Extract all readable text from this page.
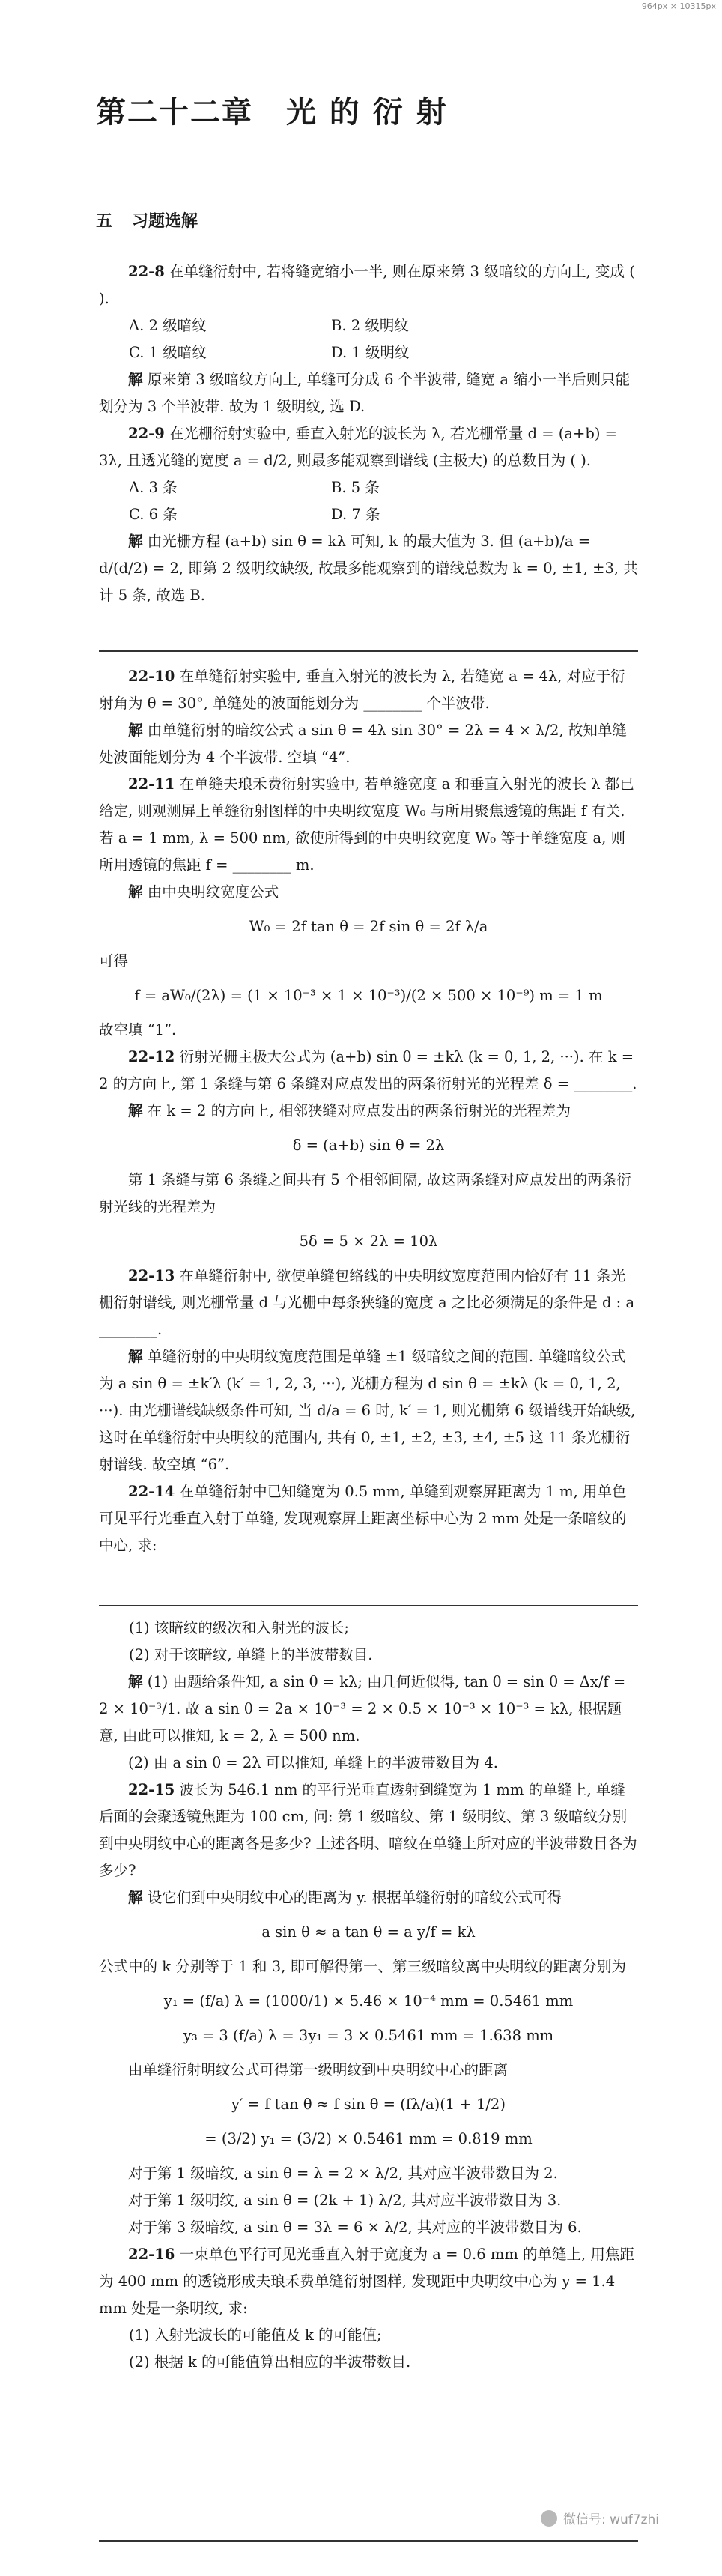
964px × 10315px
第二十二章 光 的 衍 射
五 习题选解

22-8 在单缝衍射中, 若将缝宽缩小一半, 则在原来第 3 级暗纹的方向上, 变成 ( ).

A. 2 级暗纹	B. 2 级明纹
C. 1 级暗纹	D. 1 级明纹

解 原来第 3 级暗纹方向上, 单缝可分成 6 个半波带, 缝宽 a 缩小一半后则只能划分为 3 个半波带. 故为 1 级明纹, 选 D.

22-9 在光栅衍射实验中, 垂直入射光的波长为 λ, 若光栅常量 d = (a+b) = 3λ, 且透光缝的宽度 a = d/2, 则最多能观察到谱线 (主极大) 的总数目为 ( ).

A. 3 条	B. 5 条
C. 6 条	D. 7 条

解 由光栅方程 (a+b) sin θ = kλ 可知, k 的最大值为 3. 但 (a+b)/a = d/(d/2) = 2, 即第 2 级明纹缺级, 故最多能观察到的谱线总数为 k = 0, ±1, ±3, 共计 5 条, 故选 B.

22-10 在单缝衍射实验中, 垂直入射光的波长为 λ, 若缝宽 a = 4λ, 对应于衍射角为 θ = 30°, 单缝处的波面能划分为 ________ 个半波带.

解 由单缝衍射的暗纹公式 a sin θ = 4λ sin 30° = 2λ = 4 × λ/2, 故知单缝处波面能划分为 4 个半波带. 空填 “4”.

22-11 在单缝夫琅禾费衍射实验中, 若单缝宽度 a 和垂直入射光的波长 λ 都已给定, 则观测屏上单缝衍射图样的中央明纹宽度 W₀ 与所用聚焦透镜的焦距 f 有关. 若 a = 1 mm, λ = 500 nm, 欲使所得到的中央明纹宽度 W₀ 等于单缝宽度 a, 则所用透镜的焦距 f = ________ m.

解 由中央明纹宽度公式

W₀ = 2f tan θ = 2f sin θ = 2f λ/a

可得

f = aW₀/(2λ) = (1 × 10⁻³ × 1 × 10⁻³)/(2 × 500 × 10⁻⁹) m = 1 m

故空填 “1”.

22-12 衍射光栅主极大公式为 (a+b) sin θ = ±kλ (k = 0, 1, 2, ···). 在 k = 2 的方向上, 第 1 条缝与第 6 条缝对应点发出的两条衍射光的光程差 δ = ________.

解 在 k = 2 的方向上, 相邻狭缝对应点发出的两条衍射光的光程差为

δ = (a+b) sin θ = 2λ

第 1 条缝与第 6 条缝之间共有 5 个相邻间隔, 故这两条缝对应点发出的两条衍射光线的光程差为

5δ = 5 × 2λ = 10λ

22-13 在单缝衍射中, 欲使单缝包络线的中央明纹宽度范围内恰好有 11 条光栅衍射谱线, 则光栅常量 d 与光栅中每条狭缝的宽度 a 之比必须满足的条件是 d : a ________.

解 单缝衍射的中央明纹宽度范围是单缝 ±1 级暗纹之间的范围. 单缝暗纹公式为 a sin θ = ±k′λ (k′ = 1, 2, 3, ···), 光栅方程为 d sin θ = ±kλ (k = 0, 1, 2, ···). 由光栅谱线缺级条件可知, 当 d/a = 6 时, k′ = 1, 则光栅第 6 级谱线开始缺级, 这时在单缝衍射中央明纹的范围内, 共有 0, ±1, ±2, ±3, ±4, ±5 这 11 条光栅衍射谱线. 故空填 “6”.

22-14 在单缝衍射中已知缝宽为 0.5 mm, 单缝到观察屏距离为 1 m, 用单色可见平行光垂直入射于单缝, 发现观察屏上距离坐标中心为 2 mm 处是一条暗纹的中心, 求:

(1) 该暗纹的级次和入射光的波长;

(2) 对于该暗纹, 单缝上的半波带数目.

解 (1) 由题给条件知, a sin θ = kλ; 由几何近似得, tan θ = sin θ = Δx/f = 2 × 10⁻³/1. 故 a sin θ = 2a × 10⁻³ = 2 × 0.5 × 10⁻³ × 10⁻³ = kλ, 根据题意, 由此可以推知, k = 2, λ = 500 nm.

(2) 由 a sin θ = 2λ 可以推知, 单缝上的半波带数目为 4.

22-15 波长为 546.1 nm 的平行光垂直透射到缝宽为 1 mm 的单缝上, 单缝后面的会聚透镜焦距为 100 cm, 问: 第 1 级暗纹、第 1 级明纹、第 3 级暗纹分别到中央明纹中心的距离各是多少? 上述各明、暗纹在单缝上所对应的半波带数目各为多少?

解 设它们到中央明纹中心的距离为 y. 根据单缝衍射的暗纹公式可得

a sin θ ≈ a tan θ = a y/f = kλ

公式中的 k 分别等于 1 和 3, 即可解得第一、第三级暗纹离中央明纹的距离分别为

y₁ = (f/a) λ = (1000/1) × 5.46 × 10⁻⁴ mm = 0.5461 mm
y₃ = 3 (f/a) λ = 3y₁ = 3 × 0.5461 mm = 1.638 mm

由单缝衍射明纹公式可得第一级明纹到中央明纹中心的距离

y′ = f tan θ ≈ f sin θ = (fλ/a)(1 + 1/2)
= (3/2) y₁ = (3/2) × 0.5461 mm = 0.819 mm

对于第 1 级暗纹, a sin θ = λ = 2 × λ/2, 其对应半波带数目为 2.

对于第 1 级明纹, a sin θ = (2k + 1) λ/2, 其对应半波带数目为 3.

对于第 3 级暗纹, a sin θ = 3λ = 6 × λ/2, 其对应的半波带数目为 6.

22-16 一束单色平行可见光垂直入射于宽度为 a = 0.6 mm 的单缝上, 用焦距为 400 mm 的透镜形成夫琅禾费单缝衍射图样, 发现距中央明纹中心为 y = 1.4 mm 处是一条明纹, 求:

(1) 入射光波长的可能值及 k 的可能值;

(2) 根据 k 的可能值算出相应的半波带数目.

微信号: wuf7zhi
